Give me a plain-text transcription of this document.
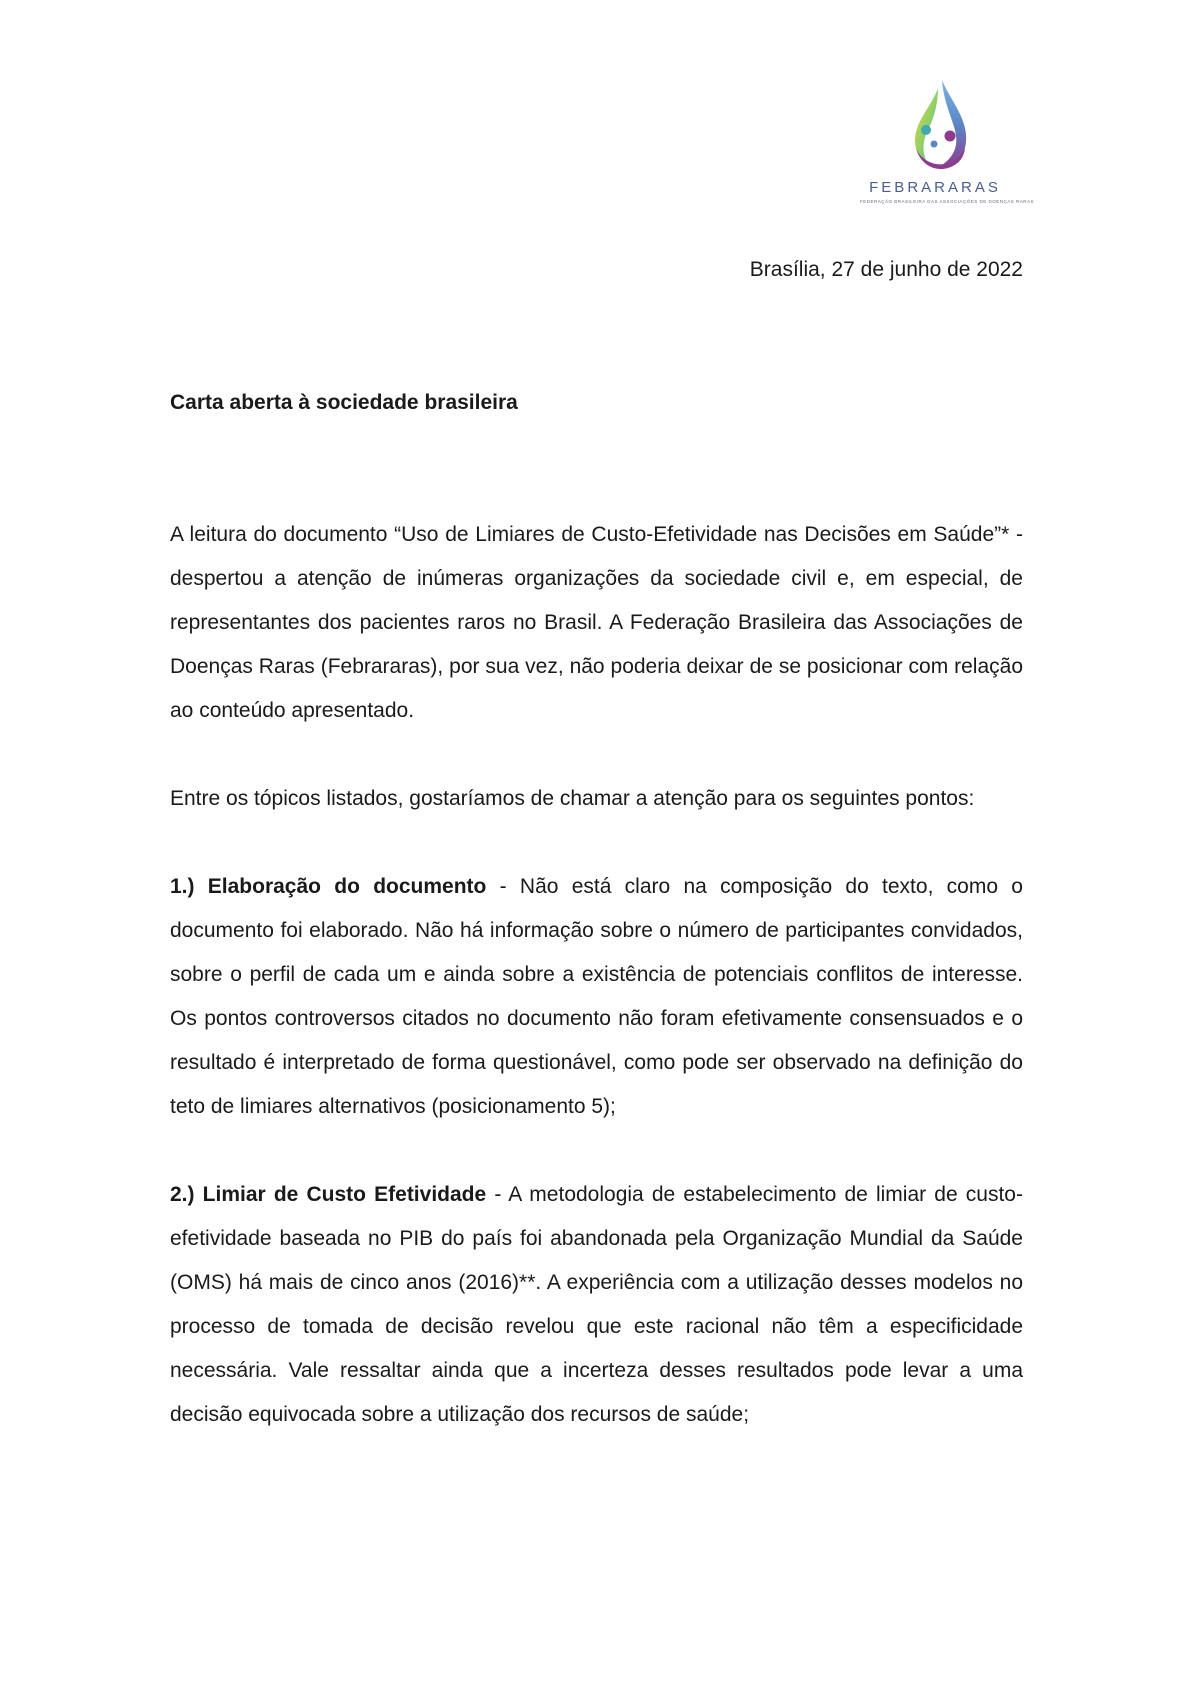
FEBRARARAS
FEDERAÇÃO BRASILEIRA DAS ASSOCIAÇÕES DE DOENÇAS RARAS
Brasília, 27 de junho de 2022
Carta aberta à sociedade brasileira

A leitura do documento “Uso de Limiares de Custo-Efetividade nas Decisões em Saúde”* - despertou a atenção de inúmeras organizações da sociedade civil e, em especial, de representantes dos pacientes raros no Brasil. A Federação Brasileira das Associações de Doenças Raras (Febrararas), por sua vez, não poderia deixar de se posicionar com relação ao conteúdo apresentado.

Entre os tópicos listados, gostaríamos de chamar a atenção para os seguintes pontos:

1.) Elaboração do documento - Não está claro na composição do texto, como o documento foi elaborado. Não há informação sobre o número de participantes convidados, sobre o perfil de cada um e ainda sobre a existência de potenciais conflitos de interesse. Os pontos controversos citados no documento não foram efetivamente consensuados e o resultado é interpretado de forma questionável, como pode ser observado na definição do teto de limiares alternativos (posicionamento 5);

2.) Limiar de Custo Efetividade - A metodologia de estabelecimento de limiar de custo-efetividade baseada no PIB do país foi abandonada pela Organização Mundial da Saúde (OMS) há mais de cinco anos (2016)**. A experiência com a utilização desses modelos no processo de tomada de decisão revelou que este racional não têm a especificidade necessária. Vale ressaltar ainda que a incerteza desses resultados pode levar a uma decisão equivocada sobre a utilização dos recursos de saúde;
